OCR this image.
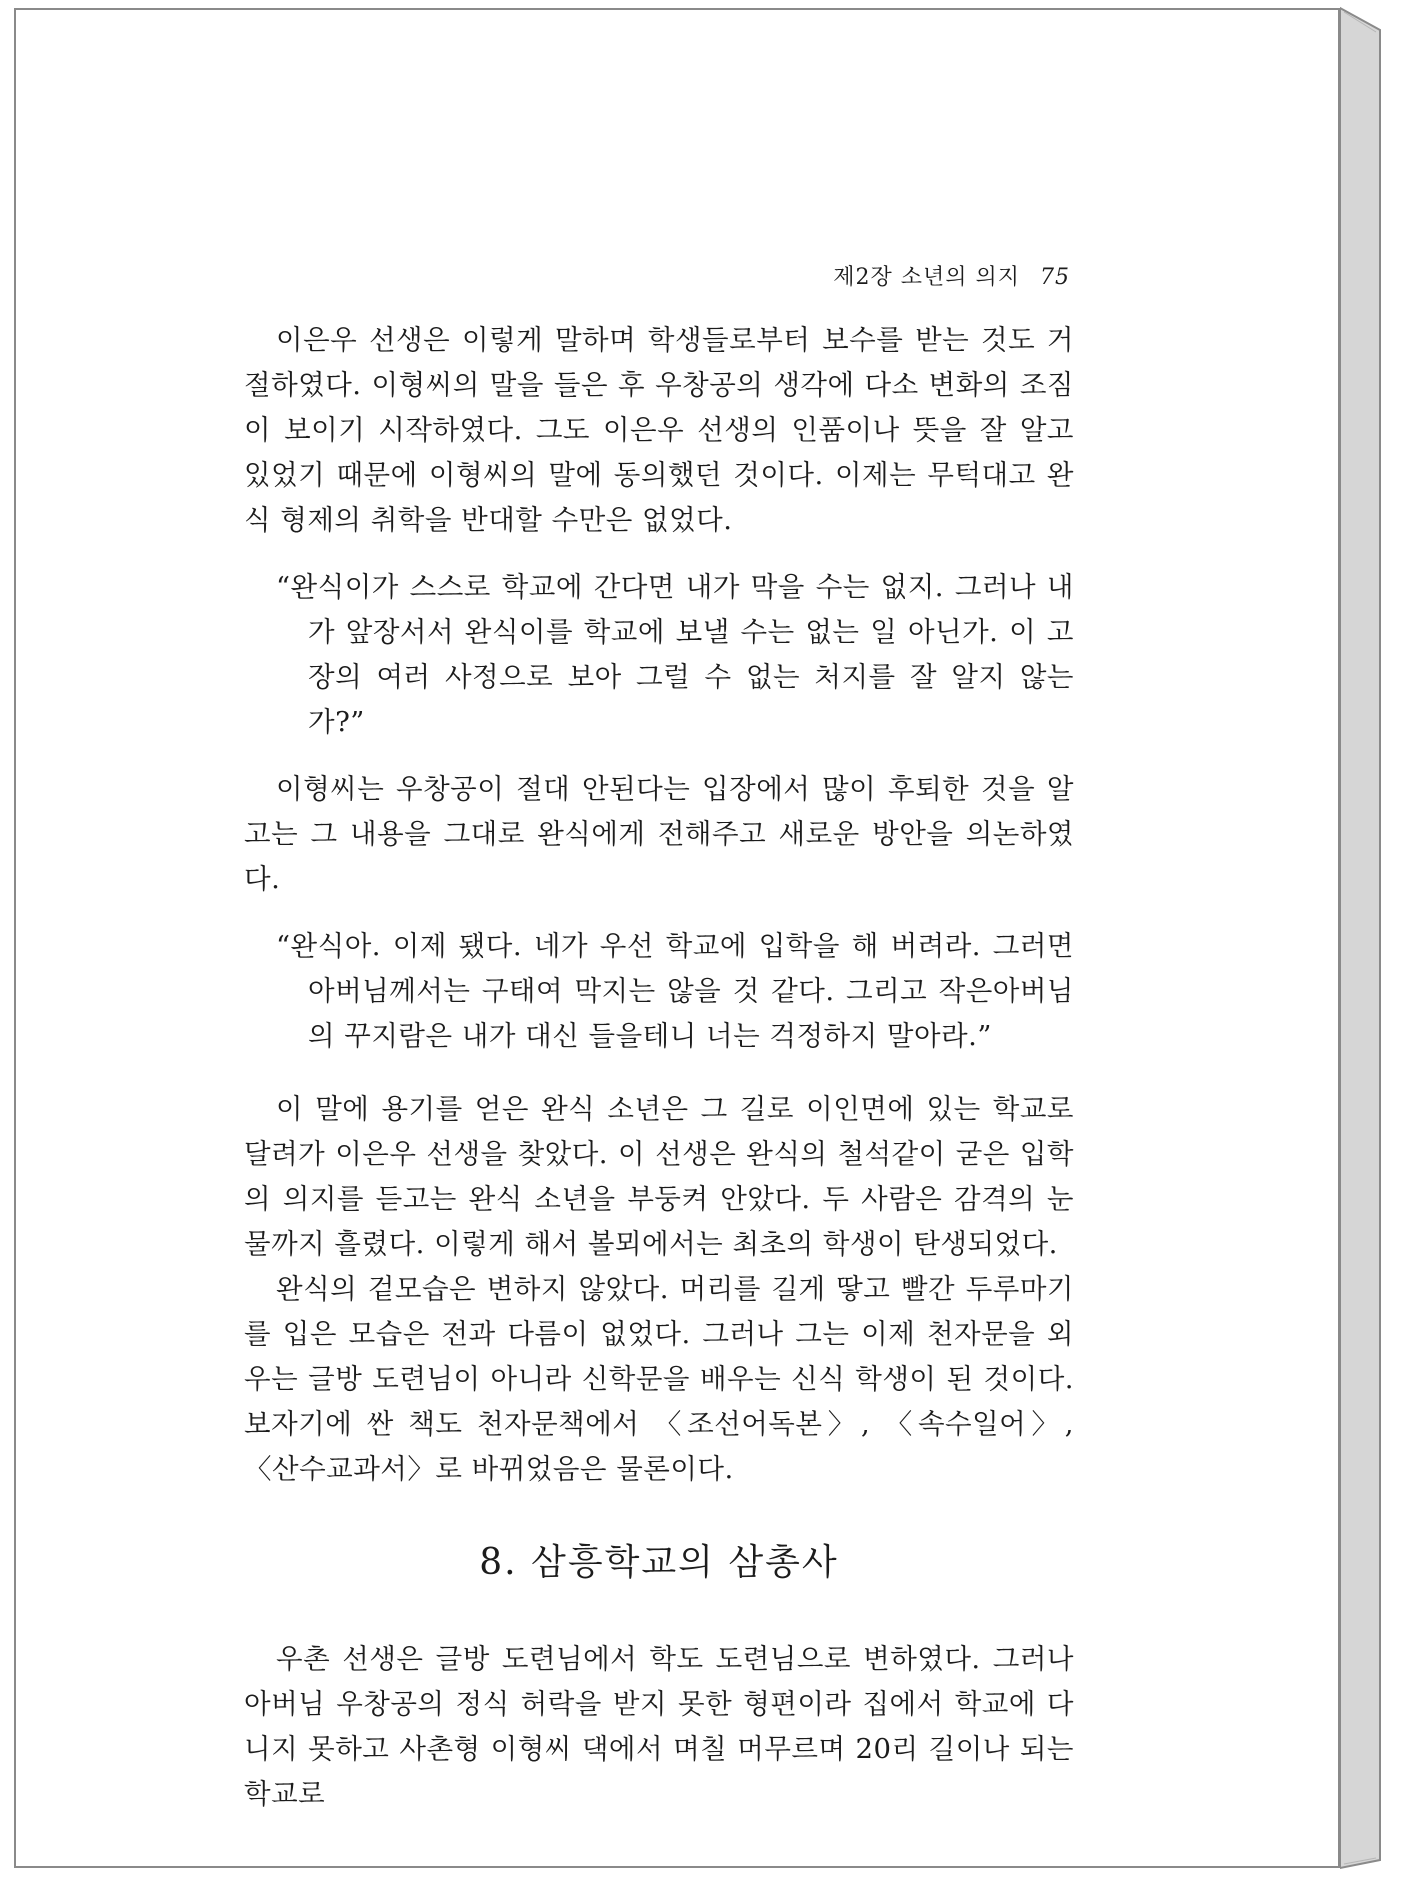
제2장 소년의 의지 75

이은우 선생은 이렇게 말하며 학생들로부터 보수를 받는 것도 거절하였다. 이형씨의 말을 들은 후 우창공의 생각에 다소 변화의 조짐이 보이기 시작하였다. 그도 이은우 선생의 인품이나 뜻을 잘 알고 있었기 때문에 이형씨의 말에 동의했던 것이다. 이제는 무턱대고 완식 형제의 취학을 반대할 수만은 없었다.

“완식이가 스스로 학교에 간다면 내가 막을 수는 없지. 그러나 내가 앞장서서 완식이를 학교에 보낼 수는 없는 일 아닌가. 이 고장의 여러 사정으로 보아 그럴 수 없는 처지를 잘 알지 않는가?”

이형씨는 우창공이 절대 안된다는 입장에서 많이 후퇴한 것을 알고는 그 내용을 그대로 완식에게 전해주고 새로운 방안을 의논하였다.

“완식아. 이제 됐다. 네가 우선 학교에 입학을 해 버려라. 그러면 아버님께서는 구태여 막지는 않을 것 같다. 그리고 작은아버님의 꾸지람은 내가 대신 들을테니 너는 걱정하지 말아라.”

이 말에 용기를 얻은 완식 소년은 그 길로 이인면에 있는 학교로 달려가 이은우 선생을 찾았다. 이 선생은 완식의 철석같이 굳은 입학의 의지를 듣고는 완식 소년을 부둥켜 안았다. 두 사람은 감격의 눈물까지 흘렸다. 이렇게 해서 볼뫼에서는 최초의 학생이 탄생되었다.

완식의 겉모습은 변하지 않았다. 머리를 길게 땋고 빨간 두루마기를 입은 모습은 전과 다름이 없었다. 그러나 그는 이제 천자문을 외우는 글방 도련님이 아니라 신학문을 배우는 신식 학생이 된 것이다. 보자기에 싼 책도 천자문책에서 〈조선어독본〉, 〈속수일어〉, 〈산수교과서〉로 바뀌었음은 물론이다.

8. 삼흥학교의 삼총사

우촌 선생은 글방 도련님에서 학도 도련님으로 변하였다. 그러나 아버님 우창공의 정식 허락을 받지 못한 형편이라 집에서 학교에 다니지 못하고 사촌형 이형씨 댁에서 며칠 머무르며 20리 길이나 되는 학교로
